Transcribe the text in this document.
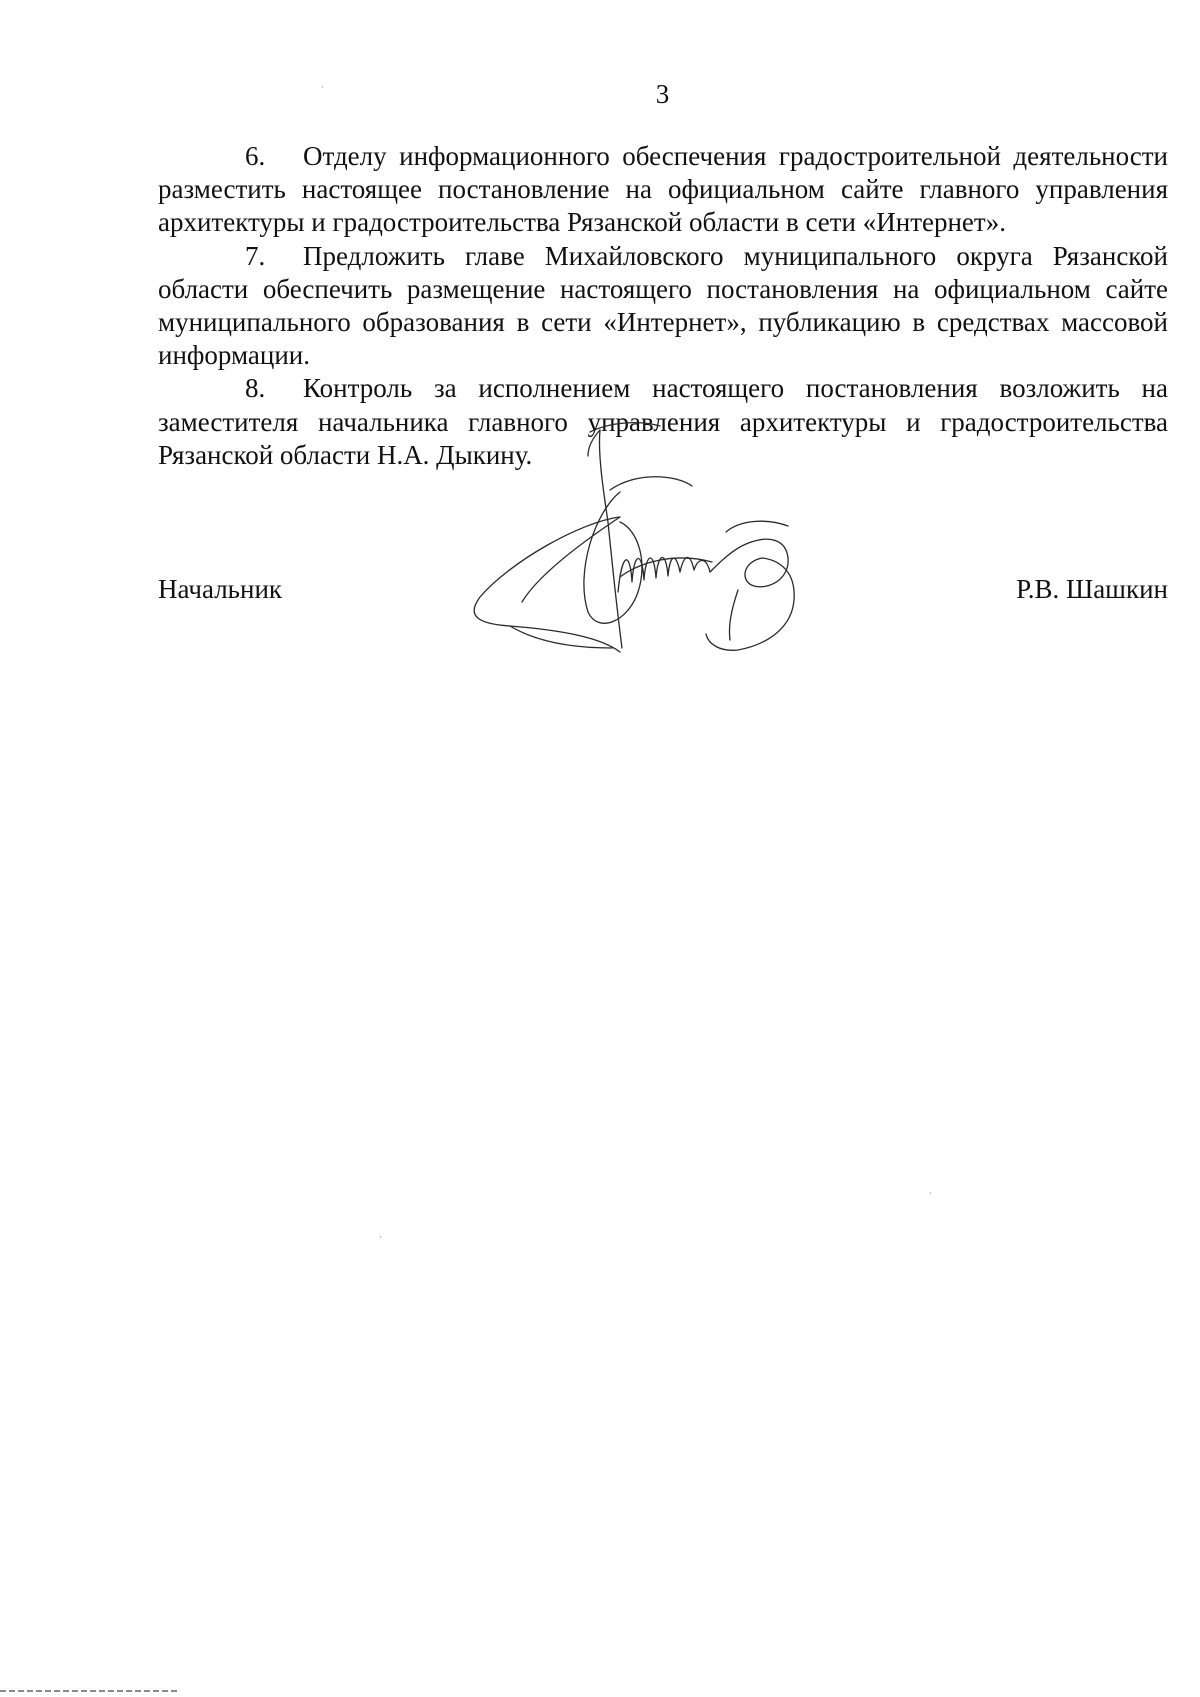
3

6. Отделу информационного обеспечения градостроительной деятельности разместить настоящее постановление на официальном сайте главного управления архитектуры и градостроительства Рязанской области в сети «Интернет».

7. Предложить главе Михайловского муниципального округа Рязанской области обеспечить размещение настоящего постановления на официальном сайте муниципального образования в сети «Интернет», публикацию в средствах массовой информации.

8. Контроль за исполнением настоящего постановления возложить на заместителя начальника главного управления архитектуры и градостроительства Рязанской области Н.А. Дыкину.

Начальник	Р.В. Шашкин
